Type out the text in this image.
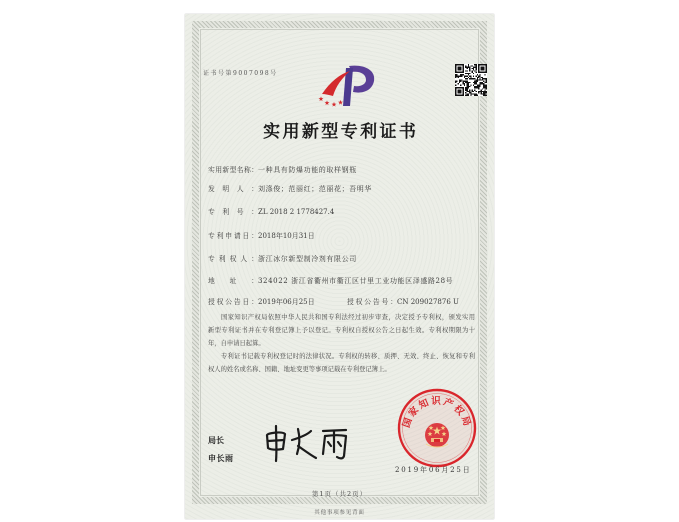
证书号第9007098号
实用新型专利证书
实用新型名称：$^{一种具有防爆功能的取样钢瓶}$
发明人：$^{刘涤俊;范丽红;范丽花;吾明华}$
专利号：$^{ZL 2018 2 1778427.4}$
专利申请日：$^{2018年10月31日}$
专利权人：$^{浙江冰尔新型制冷剂有限公司}$
地址：$^{324022 浙江省衢州市衢江区廿里工业功能区泽盛路28号}$
授权公告日：$^{2019年06月25日}$	授权公告号：$^{CN 209027876 U}$
国家知识产权局依照中华人民共和国专利法经过初步审查，决定授予专利权，颁发实用
新型专利证书并在专利登记簿上予以登记。专利权自授权公告之日起生效。专利权期限为十
年，自申请日起算。
专利证书记载专利权登记时的法律状况。专利权的转移、质押、无效、终止、恢复和专利
权人的姓名或名称、国籍、地址变更等事项记载在专利登记簿上。
局长
申长雨
国家知识产权局
2019年06月25日
第1页（共2页）
其他事项参见背面
